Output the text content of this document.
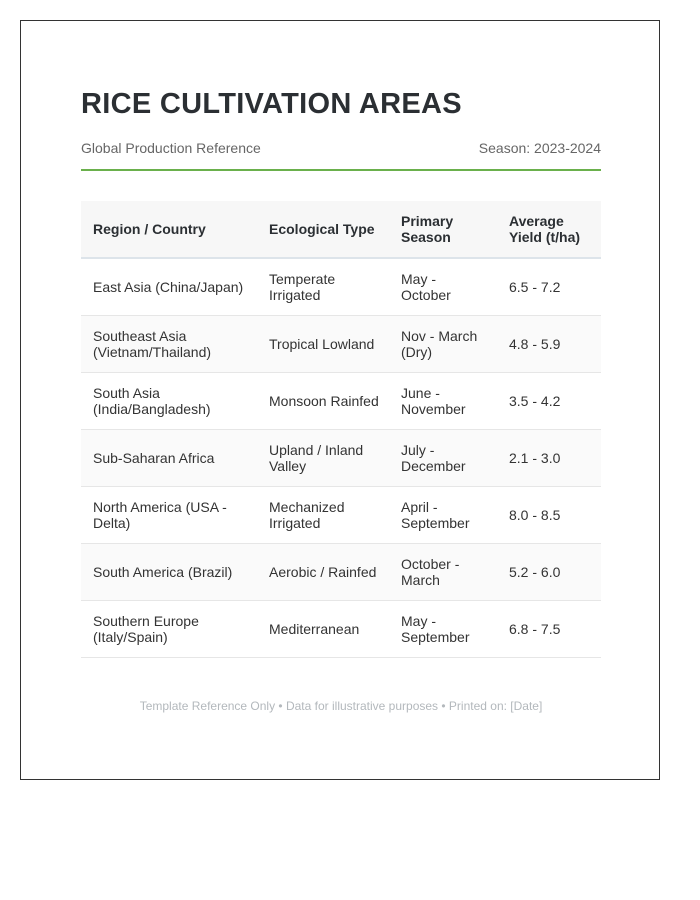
RICE CULTIVATION AREAS
Global Production Reference	Season: 2023-2024
Region / Country	Ecological Type	Primary Season	Average Yield (t/ha)
East Asia (China/Japan)	Temperate Irrigated	May - October	6.5 - 7.2
Southeast Asia (Vietnam/Thailand)	Tropical Lowland	Nov - March (Dry)	4.8 - 5.9
South Asia (India/Bangladesh)	Monsoon Rainfed	June - November	3.5 - 4.2
Sub-Saharan Africa	Upland / Inland Valley	July - December	2.1 - 3.0
North America (USA - Delta)	Mechanized Irrigated	April - September	8.0 - 8.5
South America (Brazil)	Aerobic / Rainfed	October - March	5.2 - 6.0
Southern Europe (Italy/Spain)	Mediterranean	May - September	6.8 - 7.5
Template Reference Only • Data for illustrative purposes • Printed on: [Date]
